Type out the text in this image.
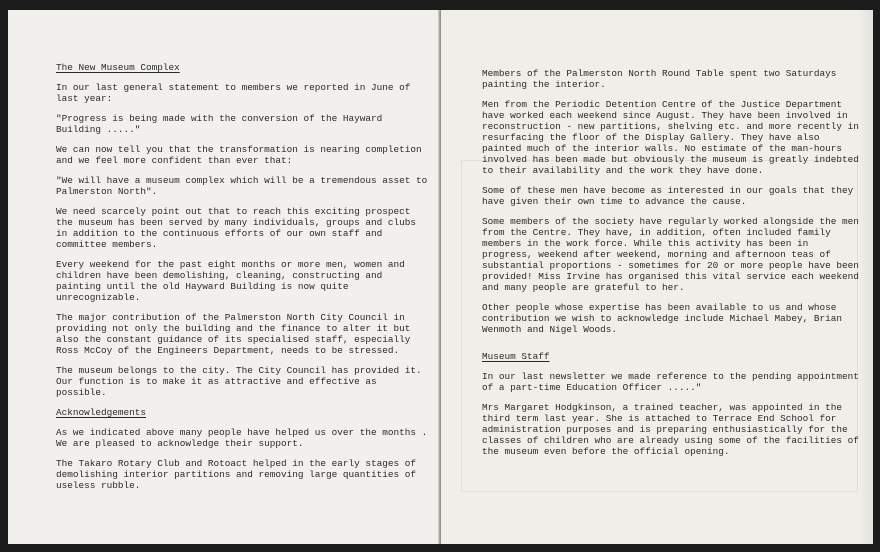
The New Museum Complex

In our last general statement to members we reported in June of last year:

"Progress is being made with the conversion of the Hayward Building ....."

We can now tell you that the transformation is nearing completion and we feel more confident than ever that:

"We will have a museum complex which will be a tremendous asset to Palmerston North".

We need scarcely point out that to reach this exciting prospect the museum has been served by many individuals, groups and clubs in addition to the continuous efforts of our own staff and committee members.

Every weekend for the past eight months or more men, women and children have been demolishing, cleaning, constructing and painting until the old Hayward Building is now quite unrecognizable.

The major contribution of the Palmerston North City Council in providing not only the building and the finance to alter it but also the constant guidance of its specialised staff, especially Ross McCoy of the Engineers Department, needs to be stressed.

The museum belongs to the city. The City Council has provided it. Our function is to make it as attractive and effective as possible.

Acknowledgements

As we indicated above many people have helped us over the months . We are pleased to acknowledge their support.

The Takaro Rotary Club and Rotoact helped in the early stages of demolishing interior partitions and removing large quantities of useless rubble.

Members of the Palmerston North Round Table spent two Saturdays painting the interior.

Men from the Periodic Detention Centre of the Justice Department have worked each weekend since August. They have been involved in reconstruction - new partitions, shelving etc. and more recently in resurfacing the floor of the Display Gallery. They have also painted much of the interior walls. No estimate of the man-hours involved has been made but obviously the museum is greatly indebted to their availability and the work they have done.

Some of these men have become as interested in our goals that they have given their own time to advance the cause.

Some members of the society have regularly worked alongside the men from the Centre. They have, in addition, often included family members in the work force. While this activity has been in progress, weekend after weekend, morning and afternoon teas of substantial proportions - sometimes for 20 or more people have been provided! Miss Irvine has organised this vital service each weekend and many people are grateful to her.

Other people whose expertise has been available to us and whose contribution we wish to acknowledge include Michael Mabey, Brian Wenmoth and Nigel Woods.

Museum Staff

In our last newsletter we made reference to the pending appointment of a part-time Education Officer ....."

Mrs Margaret Hodgkinson, a trained teacher, was appointed in the third term last year. She is attached to Terrace End School for administration purposes and is preparing enthusiastically for the classes of children who are already using some of the facilities of the museum even before the official opening.
